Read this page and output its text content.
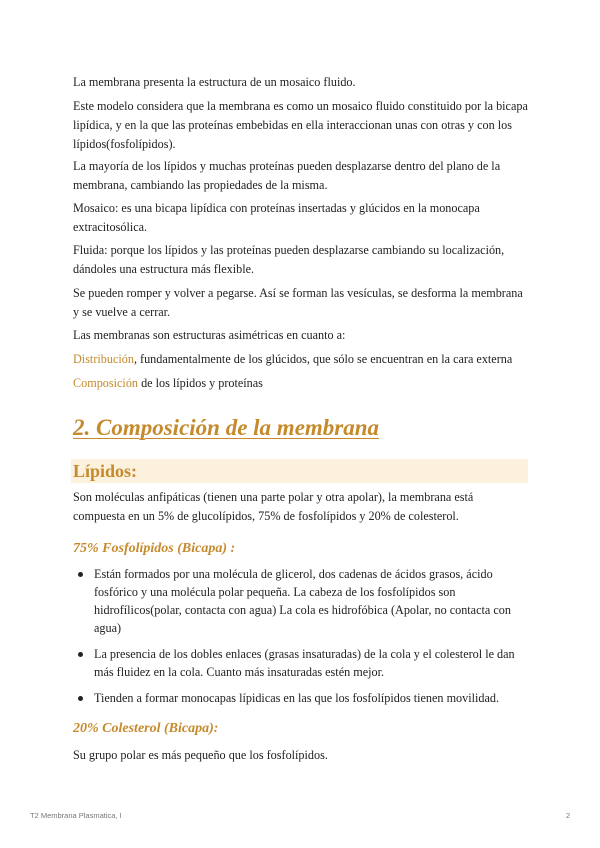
La membrana presenta la estructura de un mosaico fluido.

Este modelo considera que la membrana es como un mosaico fluido constituido por la bicapa lipídica, y en la que las proteínas embebidas en ella interaccionan unas con otras y con los lípidos(fosfolípidos).

La mayoría de los lípidos y muchas proteínas pueden desplazarse dentro del plano de la membrana, cambiando las propiedades de la misma.

Mosaico: es una bicapa lipídica con proteínas insertadas y glúcidos en la monocapa extracitosólica.

Fluida: porque los lípidos y las proteínas pueden desplazarse cambiando su localización, dándoles una estructura más flexible.

Se pueden romper y volver a pegarse. Así se forman las vesículas, se desforma la membrana y se vuelve a cerrar.

Las membranas son estructuras asimétricas en cuanto a:

Distribución, fundamentalmente de los glúcidos, que sólo se encuentran en la cara externa

Composición de los lípidos y proteínas

2. Composición de la membrana
Lípidos:

Son moléculas anfipáticas (tienen una parte polar y otra apolar), la membrana está compuesta en un 5% de glucolípidos, 75% de fosfolípidos y 20% de colesterol.

75% Fosfolípidos (Bicapa) :
Están formados por una molécula de glicerol, dos cadenas de ácidos grasos, ácido fosfórico y una molécula polar pequeña. La cabeza de los fosfolípidos son hidrofílicos(polar, contacta con agua) La cola es hidrofóbica (Apolar, no contacta con agua)
La presencia de los dobles enlaces (grasas insaturadas) de la cola y el colesterol le dan más fluidez en la cola. Cuanto más insaturadas estén mejor.
Tienden a formar monocapas lípidicas en las que los fosfolípidos tienen movilidad.
20% Colesterol (Bicapa):

Su grupo polar es más pequeño que los fosfolípidos.

T2 Membrana Plasmatica, I	2
